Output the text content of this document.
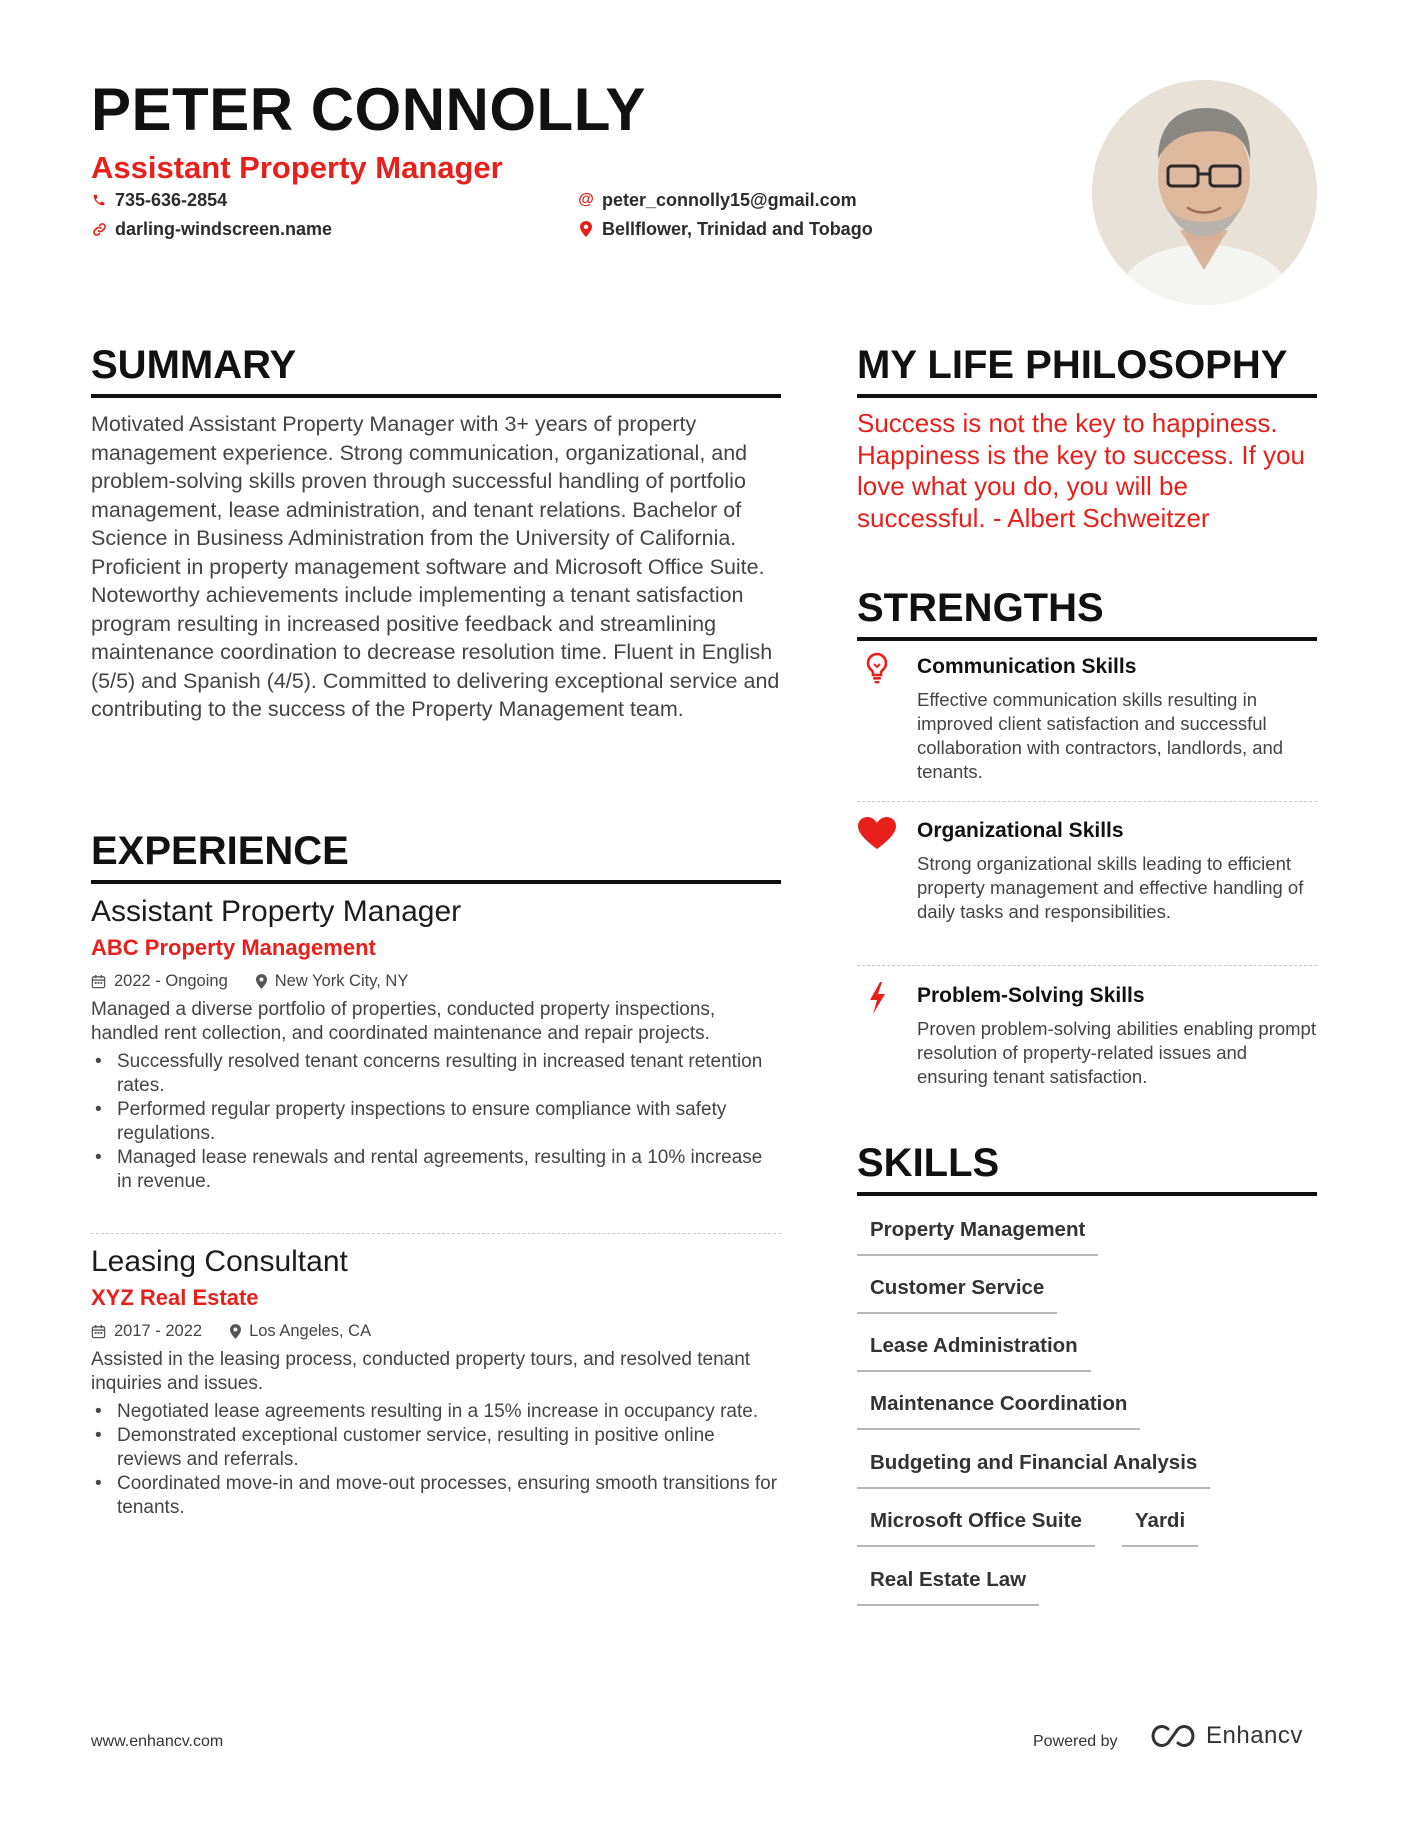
PETER CONNOLLY
Assistant Property Manager
735-636-2854
darling-windscreen.name
@ peter_connolly15@gmail.com
Bellflower, Trinidad and Tobago
SUMMARY
Motivated Assistant Property Manager with 3+ years of property management experience. Strong communication, organizational, and problem-solving skills proven through successful handling of portfolio management, lease administration, and tenant relations. Bachelor of Science in Business Administration from the University of California. Proficient in property management software and Microsoft Office Suite. Noteworthy achievements include implementing a tenant satisfaction program resulting in increased positive feedback and streamlining maintenance coordination to decrease resolution time. Fluent in English (5/5) and Spanish (4/5). Committed to delivering exceptional service and contributing to the success of the Property Management team.
EXPERIENCE
Assistant Property Manager
ABC Property Management
2022 - Ongoing	New York City, NY
Managed a diverse portfolio of properties, conducted property inspections, handled rent collection, and coordinated maintenance and repair projects.
• Successfully resolved tenant concerns resulting in increased tenant retention rates.
• Performed regular property inspections to ensure compliance with safety regulations.
• Managed lease renewals and rental agreements, resulting in a 10% increase in revenue.
Leasing Consultant
XYZ Real Estate
2017 - 2022	Los Angeles, CA
Assisted in the leasing process, conducted property tours, and resolved tenant inquiries and issues.
• Negotiated lease agreements resulting in a 15% increase in occupancy rate.
• Demonstrated exceptional customer service, resulting in positive online reviews and referrals.
• Coordinated move-in and move-out processes, ensuring smooth transitions for tenants.
MY LIFE PHILOSOPHY
Success is not the key to happiness. Happiness is the key to success. If you love what you do, you will be successful. - Albert Schweitzer
STRENGTHS
Communication Skills
Effective communication skills resulting in improved client satisfaction and successful collaboration with contractors, landlords, and tenants.
Organizational Skills
Strong organizational skills leading to efficient property management and effective handling of daily tasks and responsibilities.
Problem-Solving Skills
Proven problem-solving abilities enabling prompt resolution of property-related issues and ensuring tenant satisfaction.
SKILLS
Property Management
Customer Service
Lease Administration
Maintenance Coordination
Budgeting and Financial Analysis
Microsoft Office Suite	Yardi
Real Estate Law
www.enhancv.com	Powered by	Enhancv
